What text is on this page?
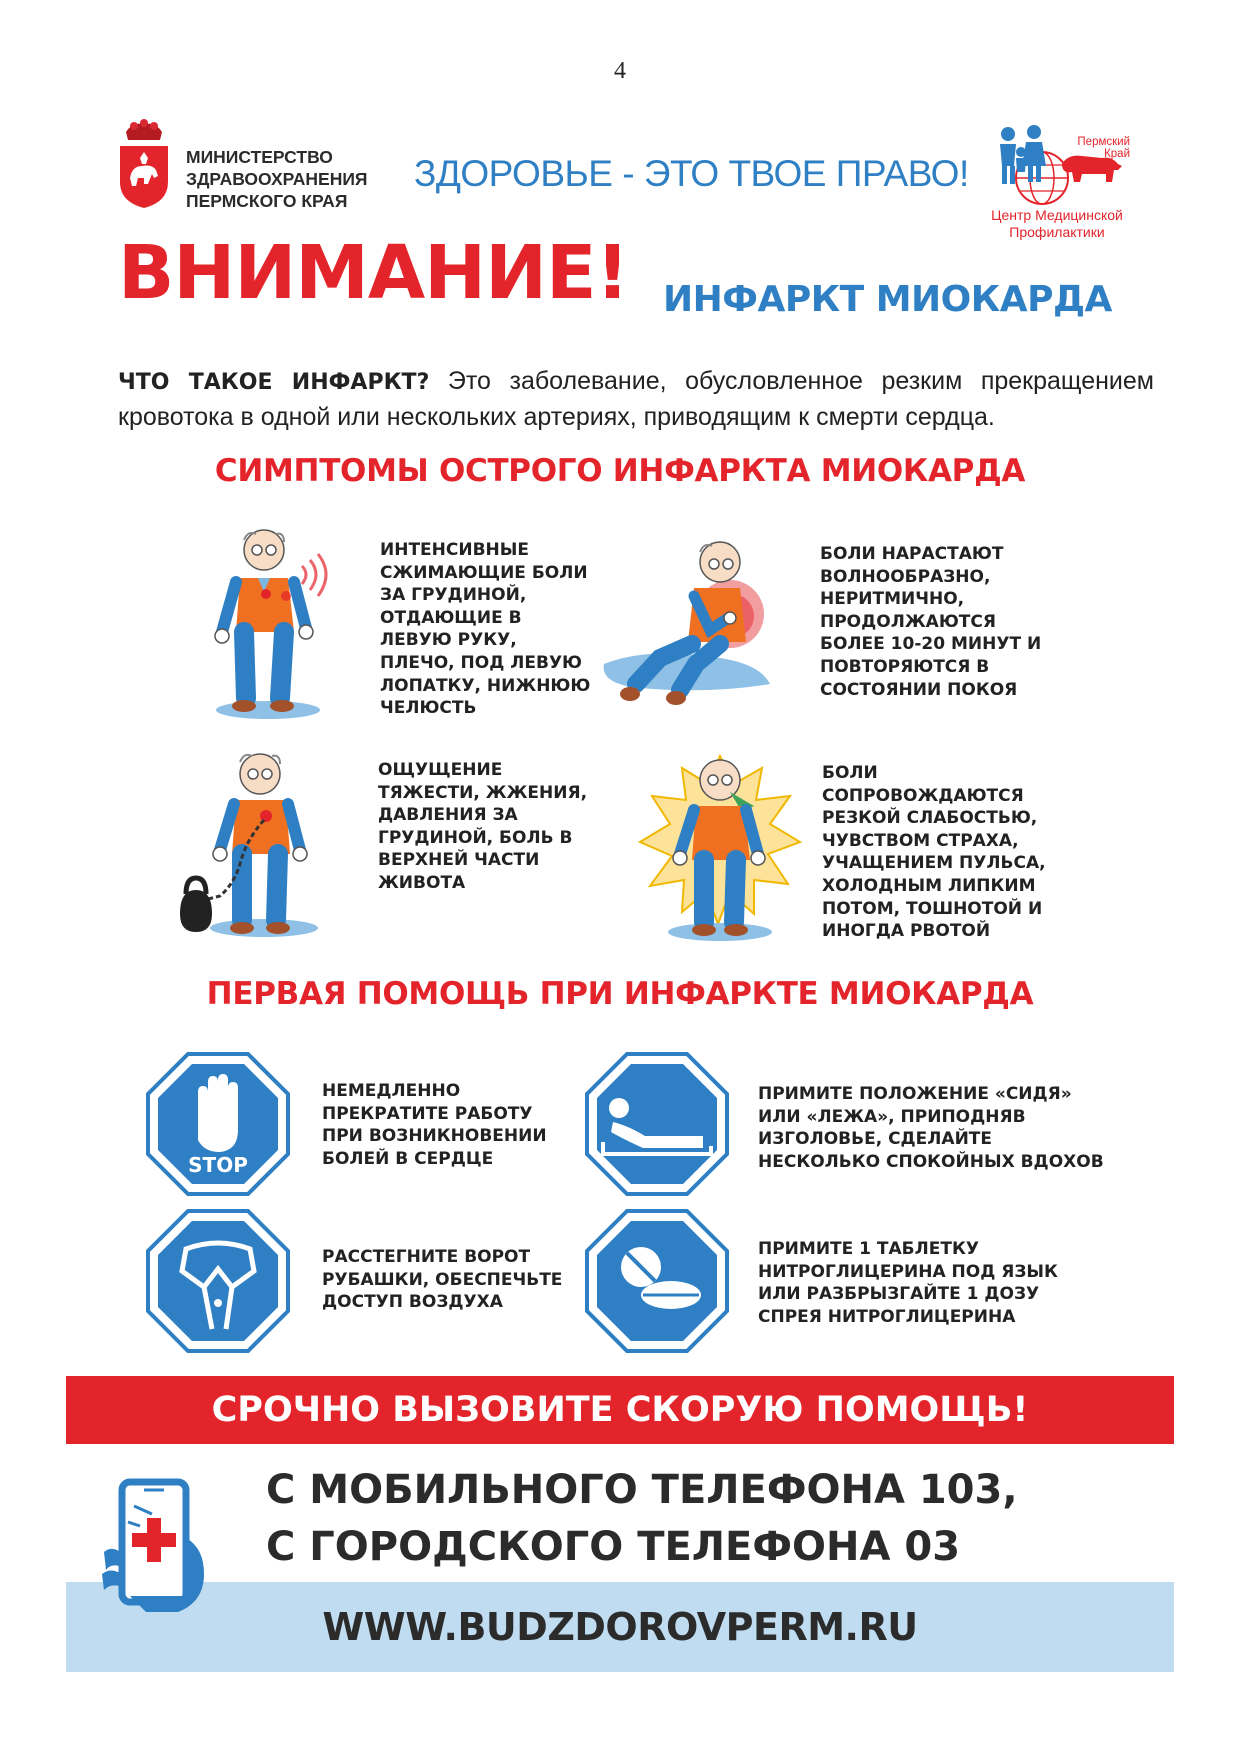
4
МИНИСТЕРСТВО
ЗДРАВООХРАНЕНИЯ
ПЕРМСКОГО КРАЯ
ЗДОРОВЬЕ - ЭТО ТВОЕ ПРАВО!
Пермский
Край
Центр Медицинской
Профилактики
ВНИМАНИЕ! ИНФАРКТ МИОКАРДА
ЧТО ТАКОЕ ИНФАРКТ? Это заболевание, обусловленное резким прекращением кровотока в одной или нескольких артериях, приводящим к смерти сердца.
СИМПТОМЫ ОСТРОГО ИНФАРКТА МИОКАРДА
ИНТЕНСИВНЫЕ
СЖИМАЮЩИЕ БОЛИ
ЗА ГРУДИНОЙ,
ОТДАЮЩИЕ В
ЛЕВУЮ РУКУ,
ПЛЕЧО, ПОД ЛЕВУЮ
ЛОПАТКУ, НИЖНЮЮ
ЧЕЛЮСТЬ
БОЛИ НАРАСТАЮТ
ВОЛНООБРАЗНО,
НЕРИТМИЧНО,
ПРОДОЛЖАЮТСЯ
БОЛЕЕ 10-20 МИНУТ И
ПОВТОРЯЮТСЯ В
СОСТОЯНИИ ПОКОЯ
ОЩУЩЕНИЕ
ТЯЖЕСТИ, ЖЖЕНИЯ,
ДАВЛЕНИЯ ЗА
ГРУДИНОЙ, БОЛЬ В
ВЕРХНЕЙ ЧАСТИ
ЖИВОТА
БОЛИ
СОПРОВОЖДАЮТСЯ
РЕЗКОЙ СЛАБОСТЬЮ,
ЧУВСТВОМ СТРАХА,
УЧАЩЕНИЕМ ПУЛЬСА,
ХОЛОДНЫМ ЛИПКИМ
ПОТОМ, ТОШНОТОЙ И
ИНОГДА РВОТОЙ
ПЕРВАЯ ПОМОЩЬ ПРИ ИНФАРКТЕ МИОКАРДА
STOP
НЕМЕДЛЕННО
ПРЕКРАТИТЕ РАБОТУ
ПРИ ВОЗНИКНОВЕНИИ
БОЛЕЙ В СЕРДЦЕ
ПРИМИТЕ ПОЛОЖЕНИЕ «СИДЯ»
ИЛИ «ЛЕЖА», ПРИПОДНЯВ
ИЗГОЛОВЬЕ, СДЕЛАЙТЕ
НЕСКОЛЬКО СПОКОЙНЫХ ВДОХОВ
РАССТЕГНИТЕ ВОРОТ
РУБАШКИ, ОБЕСПЕЧЬТЕ
ДОСТУП ВОЗДУХА
ПРИМИТЕ 1 ТАБЛЕТКУ
НИТРОГЛИЦЕРИНА ПОД ЯЗЫК
ИЛИ РАЗБРЫЗГАЙТЕ 1 ДОЗУ
СПРЕЯ НИТРОГЛИЦЕРИНА
СРОЧНО ВЫЗОВИТЕ СКОРУЮ ПОМОЩЬ!
С МОБИЛЬНОГО ТЕЛЕФОНА 103,
С ГОРОДСКОГО ТЕЛЕФОНА 03
WWW.BUDZDOROVPERM.RU
